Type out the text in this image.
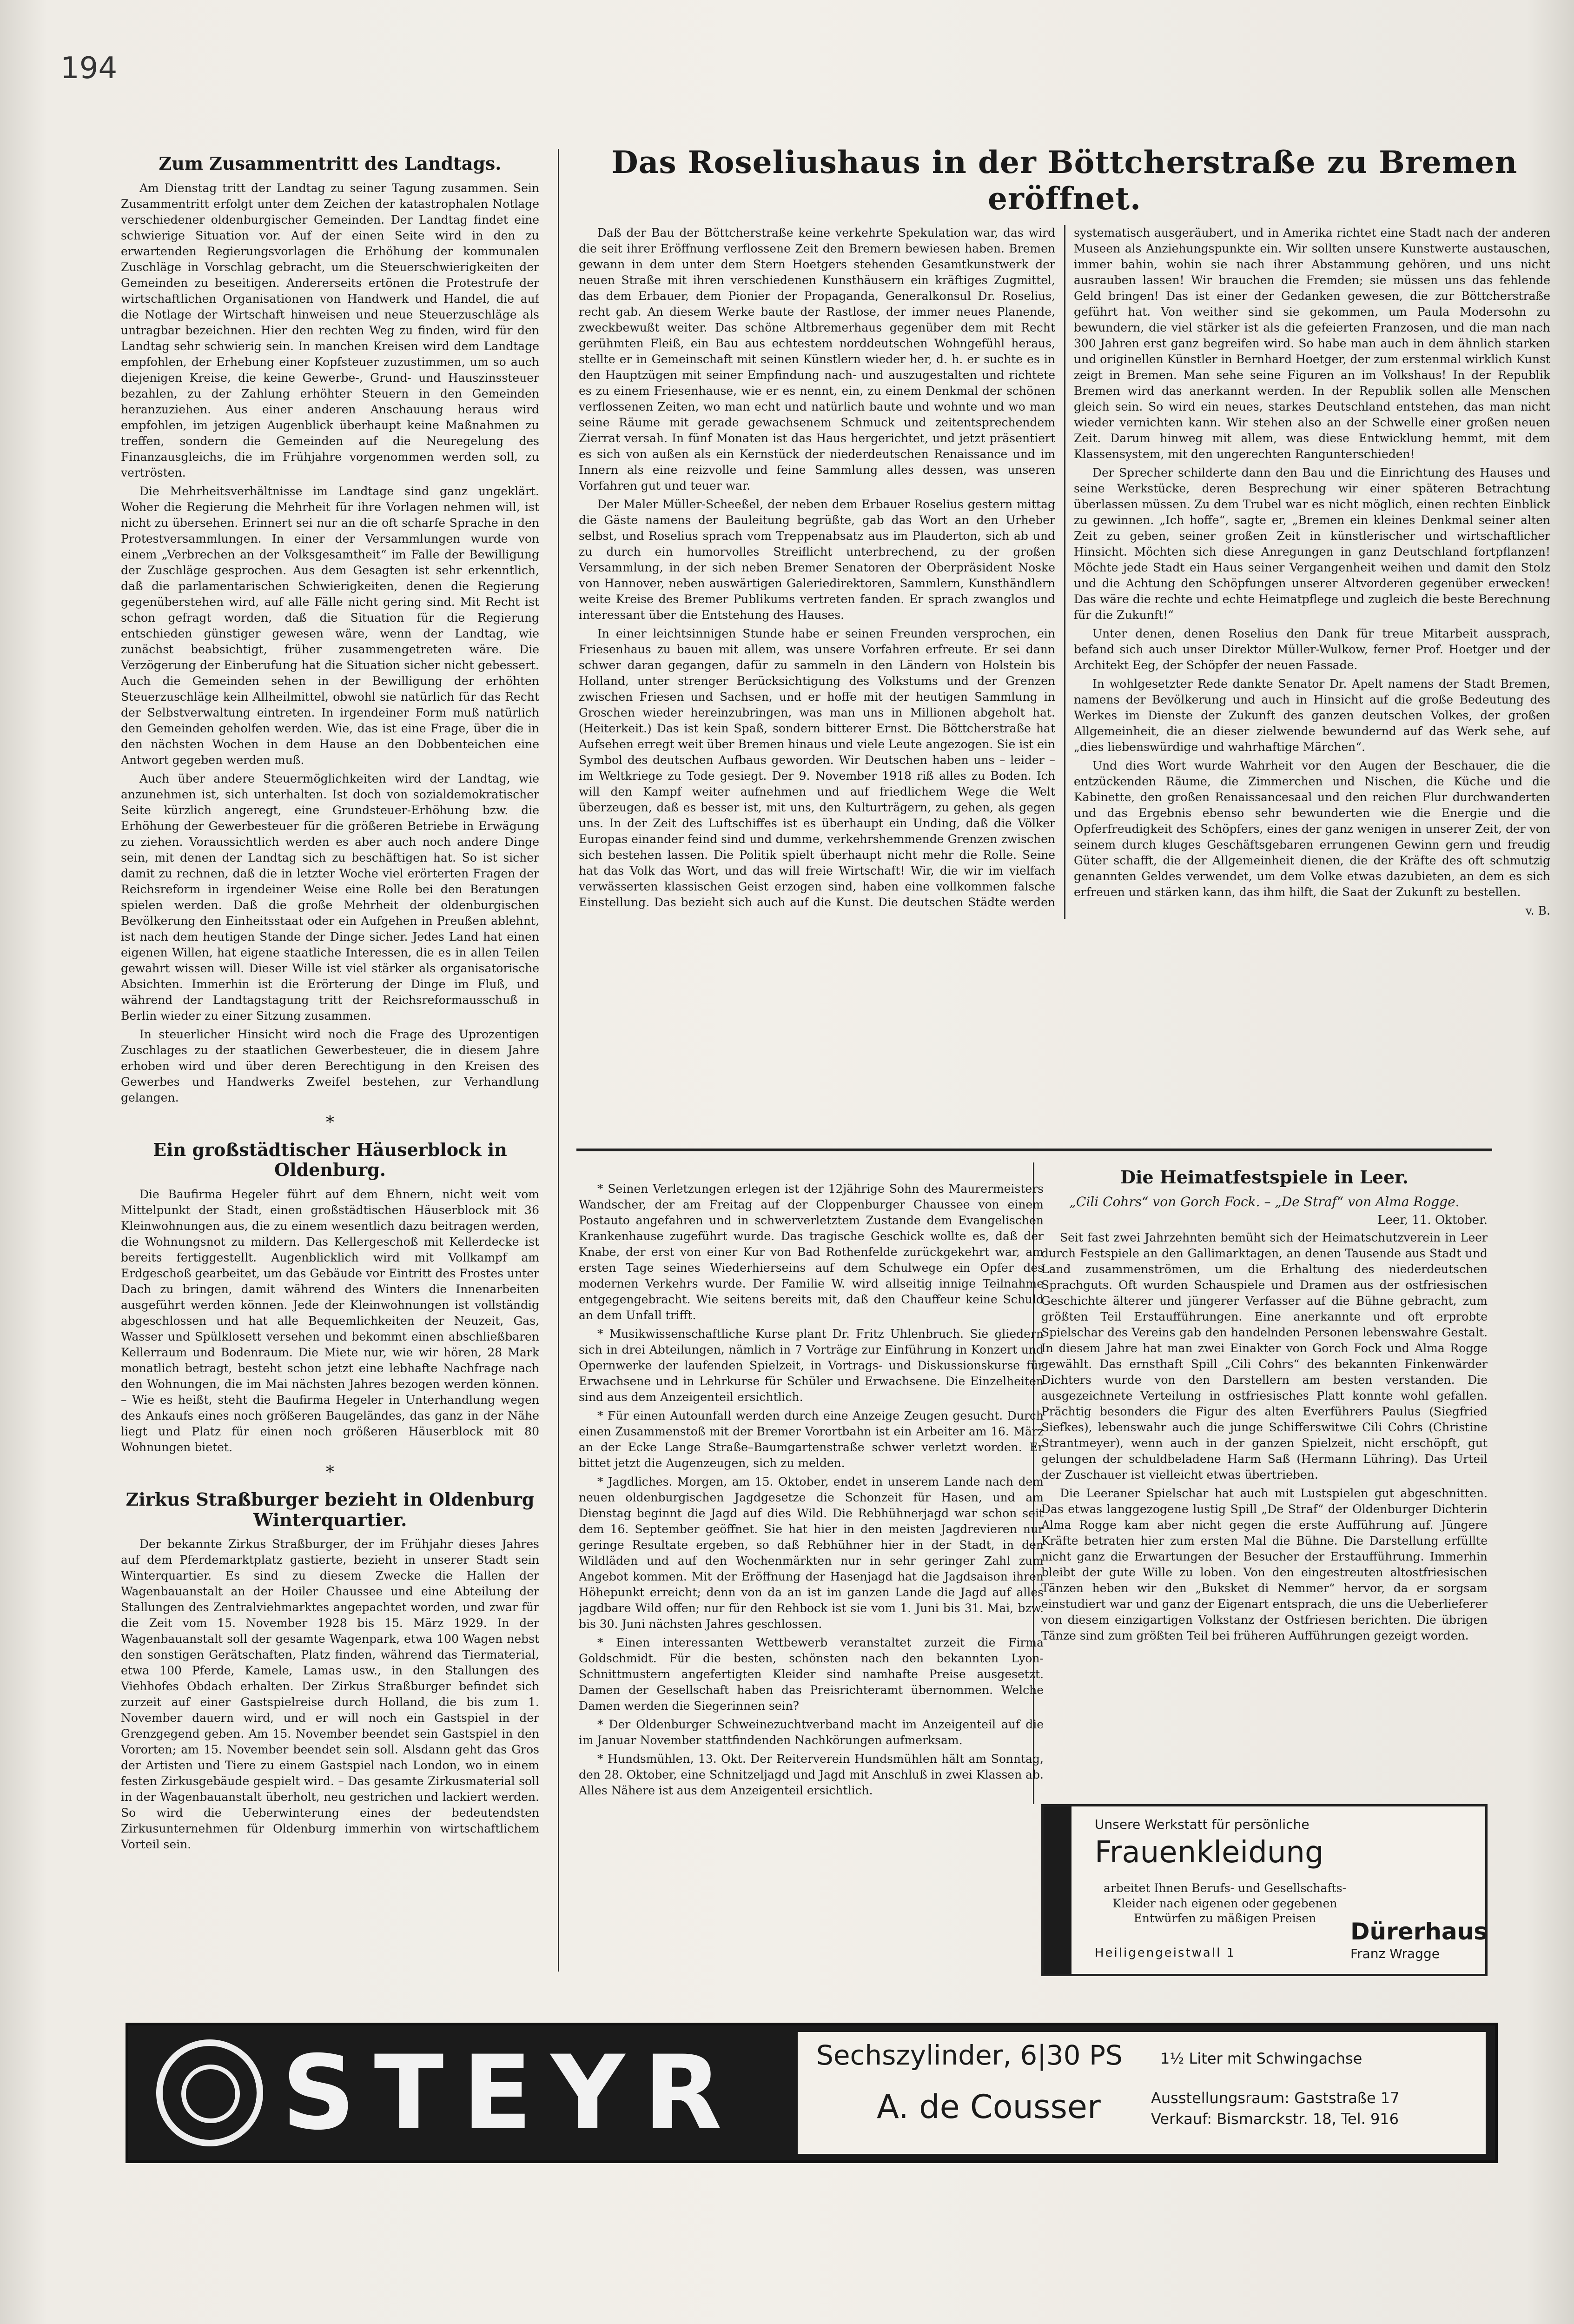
194
Zum Zusammentritt des Landtags.

Am Dienstag tritt der Landtag zu seiner Tagung zusammen. Sein Zusammentritt erfolgt unter dem Zeichen der katastrophalen Notlage verschiedener oldenburgischer Gemeinden. Der Landtag findet eine schwierige Situation vor. Auf der einen Seite wird in den zu erwartenden Regierungsvorlagen die Erhöhung der kommunalen Zuschläge in Vorschlag gebracht, um die Steuerschwierigkeiten der Gemeinden zu beseitigen. Andererseits ertönen die Protestrufe der wirtschaftlichen Organisationen von Handwerk und Handel, die auf die Notlage der Wirtschaft hinweisen und neue Steuerzuschläge als untragbar bezeichnen. Hier den rechten Weg zu finden, wird für den Landtag sehr schwierig sein. In manchen Kreisen wird dem Landtage empfohlen, der Erhebung einer Kopfsteuer zuzustimmen, um so auch diejenigen Kreise, die keine Gewerbe-, Grund- und Hauszinssteuer bezahlen, zu der Zahlung erhöhter Steuern in den Gemeinden heranzuziehen. Aus einer anderen Anschauung heraus wird empfohlen, im jetzigen Augenblick überhaupt keine Maßnahmen zu treffen, sondern die Gemeinden auf die Neuregelung des Finanzausgleichs, die im Frühjahre vorgenommen werden soll, zu vertrösten.

Die Mehrheitsverhältnisse im Landtage sind ganz ungeklärt. Woher die Regierung die Mehrheit für ihre Vorlagen nehmen will, ist nicht zu übersehen. Erinnert sei nur an die oft scharfe Sprache in den Protestversammlungen. In einer der Versammlungen wurde von einem „Verbrechen an der Volksgesamtheit“ im Falle der Bewilligung der Zuschläge gesprochen. Aus dem Gesagten ist sehr erkenntlich, daß die parlamentarischen Schwierigkeiten, denen die Regierung gegenüberstehen wird, auf alle Fälle nicht gering sind. Mit Recht ist schon gefragt worden, daß die Situation für die Regierung entschieden günstiger gewesen wäre, wenn der Landtag, wie zunächst beabsichtigt, früher zusammengetreten wäre. Die Verzögerung der Einberufung hat die Situation sicher nicht gebessert. Auch die Gemeinden sehen in der Bewilligung der erhöhten Steuerzuschläge kein Allheilmittel, obwohl sie natürlich für das Recht der Selbstverwaltung eintreten. In irgendeiner Form muß natürlich den Gemeinden geholfen werden. Wie, das ist eine Frage, über die in den nächsten Wochen in dem Hause an den Dobbenteichen eine Antwort gegeben werden muß.

Auch über andere Steuermöglichkeiten wird der Landtag, wie anzunehmen ist, sich unterhalten. Ist doch von sozialdemokratischer Seite kürzlich angeregt, eine Grundsteuer-Erhöhung bzw. die Erhöhung der Gewerbesteuer für die größeren Betriebe in Erwägung zu ziehen. Voraussichtlich werden es aber auch noch andere Dinge sein, mit denen der Landtag sich zu beschäftigen hat. So ist sicher damit zu rechnen, daß die in letzter Woche viel erörterten Fragen der Reichsreform in irgendeiner Weise eine Rolle bei den Beratungen spielen werden. Daß die große Mehrheit der oldenburgischen Bevölkerung den Einheitsstaat oder ein Aufgehen in Preußen ablehnt, ist nach dem heutigen Stande der Dinge sicher. Jedes Land hat einen eigenen Willen, hat eigene staatliche Interessen, die es in allen Teilen gewahrt wissen will. Dieser Wille ist viel stärker als organisatorische Absichten. Immerhin ist die Erörterung der Dinge im Fluß, und während der Landtagstagung tritt der Reichsreformausschuß in Berlin wieder zu einer Sitzung zusammen.

In steuerlicher Hinsicht wird noch die Frage des Uprozentigen Zuschlages zu der staatlichen Gewerbesteuer, die in diesem Jahre erhoben wird und über deren Berechtigung in den Kreisen des Gewerbes und Handwerks Zweifel bestehen, zur Verhandlung gelangen.

*
Ein großstädtischer Häuserblock in Oldenburg.

Die Baufirma Hegeler führt auf dem Ehnern, nicht weit vom Mittelpunkt der Stadt, einen großstädtischen Häuserblock mit 36 Kleinwohnungen aus, die zu einem wesentlich dazu beitragen werden, die Wohnungsnot zu mildern. Das Kellergeschoß mit Kellerdecke ist bereits fertiggestellt. Augenblicklich wird mit Vollkampf am Erdgeschoß gearbeitet, um das Gebäude vor Eintritt des Frostes unter Dach zu bringen, damit während des Winters die Innenarbeiten ausgeführt werden können. Jede der Kleinwohnungen ist vollständig abgeschlossen und hat alle Bequemlichkeiten der Neuzeit, Gas, Wasser und Spülklosett versehen und bekommt einen abschließbaren Kellerraum und Bodenraum. Die Miete nur, wie wir hören, 28 Mark monatlich betragt, besteht schon jetzt eine lebhafte Nachfrage nach den Wohnungen, die im Mai nächsten Jahres bezogen werden können. – Wie es heißt, steht die Baufirma Hegeler in Unterhandlung wegen des Ankaufs eines noch größeren Baugeländes, das ganz in der Nähe liegt und Platz für einen noch größeren Häuserblock mit 80 Wohnungen bietet.

*
Zirkus Straßburger bezieht in Oldenburg Winterquartier.

Der bekannte Zirkus Straßburger, der im Frühjahr dieses Jahres auf dem Pferdemarktplatz gastierte, bezieht in unserer Stadt sein Winterquartier. Es sind zu diesem Zwecke die Hallen der Wagenbauanstalt an der Hoiler Chaussee und eine Abteilung der Stallungen des Zentralviehmarktes angepachtet worden, und zwar für die Zeit vom 15. November 1928 bis 15. März 1929. In der Wagenbauanstalt soll der gesamte Wagenpark, etwa 100 Wagen nebst den sonstigen Gerätschaften, Platz finden, während das Tiermaterial, etwa 100 Pferde, Kamele, Lamas usw., in den Stallungen des Viehhofes Obdach erhalten. Der Zirkus Straßburger befindet sich zurzeit auf einer Gastspielreise durch Holland, die bis zum 1. November dauern wird, und er will noch ein Gastspiel in der Grenzgegend geben. Am 15. November beendet sein Gastspiel in den Vororten; am 15. November beendet sein soll. Alsdann geht das Gros der Artisten und Tiere zu einem Gastspiel nach London, wo in einem festen Zirkusgebäude gespielt wird. – Das gesamte Zirkusmaterial soll in der Wagenbauanstalt überholt, neu gestrichen und lackiert werden. So wird die Ueberwinterung eines der bedeutendsten Zirkusunternehmen für Oldenburg immerhin von wirtschaftlichem Vorteil sein.

Das Roseliushaus in der Böttcherstraße zu Bremen eröffnet.

Daß der Bau der Böttcherstraße keine verkehrte Spekulation war, das wird die seit ihrer Eröffnung verflossene Zeit den Bremern bewiesen haben. Bremen gewann in dem unter dem Stern Hoetgers stehenden Gesamtkunstwerk der neuen Straße mit ihren verschiedenen Kunsthäusern ein kräftiges Zugmittel, das dem Erbauer, dem Pionier der Propaganda, Generalkonsul Dr. Roselius, recht gab. An diesem Werke baute der Rastlose, der immer neues Planende, zweckbewußt weiter. Das schöne Altbremerhaus gegenüber dem mit Recht gerühmten Fleiß, ein Bau aus echtestem norddeutschen Wohngefühl heraus, stellte er in Gemeinschaft mit seinen Künstlern wieder her, d. h. er suchte es in den Hauptzügen mit seiner Empfindung nach- und auszugestalten und richtete es zu einem Friesenhause, wie er es nennt, ein, zu einem Denkmal der schönen verflossenen Zeiten, wo man echt und natürlich baute und wohnte und wo man seine Räume mit gerade gewachsenem Schmuck und zeitentsprechendem Zierrat versah. In fünf Monaten ist das Haus hergerichtet, und jetzt präsentiert es sich von außen als ein Kernstück der niederdeutschen Renaissance und im Innern als eine reizvolle und feine Sammlung alles dessen, was unseren Vorfahren gut und teuer war.

Der Maler Müller-Scheeßel, der neben dem Erbauer Roselius gestern mittag die Gäste namens der Bauleitung begrüßte, gab das Wort an den Urheber selbst, und Roselius sprach vom Treppenabsatz aus im Plauderton, sich ab und zu durch ein humorvolles Streiflicht unterbrechend, zu der großen Versammlung, in der sich neben Bremer Senatoren der Oberpräsident Noske von Hannover, neben auswärtigen Galeriedirektoren, Sammlern, Kunsthändlern weite Kreise des Bremer Publikums vertreten fanden. Er sprach zwanglos und interessant über die Entstehung des Hauses.

In einer leichtsinnigen Stunde habe er seinen Freunden versprochen, ein Friesenhaus zu bauen mit allem, was unsere Vorfahren erfreute. Er sei dann schwer daran gegangen, dafür zu sammeln in den Ländern von Holstein bis Holland, unter strenger Berücksichtigung des Volkstums und der Grenzen zwischen Friesen und Sachsen, und er hoffe mit der heutigen Sammlung in Groschen wieder hereinzubringen, was man uns in Millionen abgeholt hat. (Heiterkeit.) Das ist kein Spaß, sondern bitterer Ernst. Die Böttcherstraße hat Aufsehen erregt weit über Bremen hinaus und viele Leute angezogen. Sie ist ein Symbol des deutschen Aufbaus geworden. Wir Deutschen haben uns – leider – im Weltkriege zu Tode gesiegt. Der 9. November 1918 riß alles zu Boden. Ich will den Kampf weiter aufnehmen und auf friedlichem Wege die Welt überzeugen, daß es besser ist, mit uns, den Kulturträgern, zu gehen, als gegen uns. In der Zeit des Luftschiffes ist es überhaupt ein Unding, daß die Völker Europas einander feind sind und dumme, verkehrshemmende Grenzen zwischen sich bestehen lassen. Die Politik spielt überhaupt nicht mehr die Rolle. Seine hat das Volk das Wort, und das will freie Wirtschaft! Wir, die wir im vielfach verwässerten klassischen Geist erzogen sind, haben eine vollkommen falsche Einstellung. Das bezieht sich auch auf die Kunst. Die deutschen Städte werden systematisch ausgeräubert, und in Amerika richtet eine Stadt nach der anderen Museen als Anziehungspunkte ein. Wir sollten unsere Kunstwerte austauschen, immer bahin, wohin sie nach ihrer Abstammung gehören, und uns nicht ausrauben lassen! Wir brauchen die Fremden; sie müssen uns das fehlende Geld bringen! Das ist einer der Gedanken gewesen, die zur Böttcherstraße geführt hat. Von weither sind sie gekommen, um Paula Modersohn zu bewundern, die viel stärker ist als die gefeierten Franzosen, und die man nach 300 Jahren erst ganz begreifen wird. So habe man auch in dem ähnlich starken und originellen Künstler in Bernhard Hoetger, der zum erstenmal wirklich Kunst zeigt in Bremen. Man sehe seine Figuren an im Volkshaus! In der Republik Bremen wird das anerkannt werden. In der Republik sollen alle Menschen gleich sein. So wird ein neues, starkes Deutschland entstehen, das man nicht wieder vernichten kann. Wir stehen also an der Schwelle einer großen neuen Zeit. Darum hinweg mit allem, was diese Entwicklung hemmt, mit dem Klassensystem, mit den ungerechten Rangunterschieden!

Der Sprecher schilderte dann den Bau und die Einrichtung des Hauses und seine Werkstücke, deren Besprechung wir einer späteren Betrachtung überlassen müssen. Zu dem Trubel war es nicht möglich, einen rechten Einblick zu gewinnen. „Ich hoffe“, sagte er, „Bremen ein kleines Denkmal seiner alten Zeit zu geben, seiner großen Zeit in künstlerischer und wirtschaftlicher Hinsicht. Möchten sich diese Anregungen in ganz Deutschland fortpflanzen! Möchte jede Stadt ein Haus seiner Vergangenheit weihen und damit den Stolz und die Achtung den Schöpfungen unserer Altvorderen gegenüber erwecken! Das wäre die rechte und echte Heimatpflege und zugleich die beste Berechnung für die Zukunft!“

Unter denen, denen Roselius den Dank für treue Mitarbeit aussprach, befand sich auch unser Direktor Müller-Wulkow, ferner Prof. Hoetger und der Architekt Eeg, der Schöpfer der neuen Fassade.

In wohlgesetzter Rede dankte Senator Dr. Apelt namens der Stadt Bremen, namens der Bevölkerung und auch in Hinsicht auf die große Bedeutung des Werkes im Dienste der Zukunft des ganzen deutschen Volkes, der großen Allgemeinheit, die an dieser zielwende bewundernd auf das Werk sehe, auf „dies liebenswürdige und wahrhaftige Märchen“.

Und dies Wort wurde Wahrheit vor den Augen der Beschauer, die die entzückenden Räume, die Zimmerchen und Nischen, die Küche und die Kabinette, den großen Renaissancesaal und den reichen Flur durchwanderten und das Ergebnis ebenso sehr bewunderten wie die Energie und die Opferfreudigkeit des Schöpfers, eines der ganz wenigen in unserer Zeit, der von seinem durch kluges Geschäftsgebaren errungenen Gewinn gern und freudig Güter schafft, die der Allgemeinheit dienen, die der Kräfte des oft schmutzig genannten Geldes verwendet, um dem Volke etwas dazubieten, an dem es sich erfreuen und stärken kann, das ihm hilft, die Saat der Zukunft zu bestellen.

v. B.

* Seinen Verletzungen erlegen ist der 12jährige Sohn des Maurermeisters Wandscher, der am Freitag auf der Cloppenburger Chaussee von einem Postauto angefahren und in schwerverletztem Zustande dem Evangelischen Krankenhause zugeführt wurde. Das tragische Geschick wollte es, daß der Knabe, der erst von einer Kur von Bad Rothenfelde zurückgekehrt war, am ersten Tage seines Wiederhierseins auf dem Schulwege ein Opfer des modernen Verkehrs wurde. Der Familie W. wird allseitig innige Teilnahme entgegengebracht. Wie seitens bereits mit, daß den Chauffeur keine Schuld an dem Unfall trifft.

* Musikwissenschaftliche Kurse plant Dr. Fritz Uhlenbruch. Sie gliedern sich in drei Abteilungen, nämlich in 7 Vorträge zur Einführung in Konzert und Opernwerke der laufenden Spielzeit, in Vortrags- und Diskussionskurse für Erwachsene und in Lehrkurse für Schüler und Erwachsene. Die Einzelheiten sind aus dem Anzeigenteil ersichtlich.

* Für einen Autounfall werden durch eine Anzeige Zeugen gesucht. Durch einen Zusammenstoß mit der Bremer Vorortbahn ist ein Arbeiter am 16. März an der Ecke Lange Straße–Baumgartenstraße schwer verletzt worden. Er bittet jetzt die Augenzeugen, sich zu melden.

* Jagdliches. Morgen, am 15. Oktober, endet in unserem Lande nach dem neuen oldenburgischen Jagdgesetze die Schonzeit für Hasen, und am Dienstag beginnt die Jagd auf dies Wild. Die Rebhühnerjagd war schon seit dem 16. September geöffnet. Sie hat hier in den meisten Jagdrevieren nur geringe Resultate ergeben, so daß Rebhühner hier in der Stadt, in den Wildläden und auf den Wochenmärkten nur in sehr geringer Zahl zum Angebot kommen. Mit der Eröffnung der Hasenjagd hat die Jagdsaison ihren Höhepunkt erreicht; denn von da an ist im ganzen Lande die Jagd auf alles jagdbare Wild offen; nur für den Rehbock ist sie vom 1. Juni bis 31. Mai, bzw. bis 30. Juni nächsten Jahres geschlossen.

* Einen interessanten Wettbewerb veranstaltet zurzeit die Firma Goldschmidt. Für die besten, schönsten nach den bekannten Lyon-Schnittmustern angefertigten Kleider sind namhafte Preise ausgesetzt. Damen der Gesellschaft haben das Preisrichteramt übernommen. Welche Damen werden die Siegerinnen sein?

* Der Oldenburger Schweinezuchtverband macht im Anzeigenteil auf die im Januar November stattfindenden Nachkörungen aufmerksam.

* Hundsmühlen, 13. Okt. Der Reiterverein Hundsmühlen hält am Sonntag, den 28. Oktober, eine Schnitzeljagd und Jagd mit Anschluß in zwei Klassen ab. Alles Nähere ist aus dem Anzeigenteil ersichtlich.

Die Heimatfestspiele in Leer.
„Cili Cohrs“ von Gorch Fock. – „De Straf“ von Alma Rogge.
Leer, 11. Oktober.

Seit fast zwei Jahrzehnten bemüht sich der Heimatschutzverein in Leer durch Festspiele an den Gallimarktagen, an denen Tausende aus Stadt und Land zusammenströmen, um die Erhaltung des niederdeutschen Sprachguts. Oft wurden Schauspiele und Dramen aus der ostfriesischen Geschichte älterer und jüngerer Verfasser auf die Bühne gebracht, zum größten Teil Erstaufführungen. Eine anerkannte und oft erprobte Spielschar des Vereins gab den handelnden Personen lebenswahre Gestalt. In diesem Jahre hat man zwei Einakter von Gorch Fock und Alma Rogge gewählt. Das ernsthaft Spill „Cili Cohrs“ des bekannten Finkenwärder Dichters wurde von den Darstellern am besten verstanden. Die ausgezeichnete Verteilung in ostfriesisches Platt konnte wohl gefallen. Prächtig besonders die Figur des alten Everführers Paulus (Siegfried Siefkes), lebenswahr auch die junge Schifferswitwe Cili Cohrs (Christine Strantmeyer), wenn auch in der ganzen Spielzeit, nicht erschöpft, gut gelungen der schuldbeladene Harm Saß (Hermann Lühring). Das Urteil der Zuschauer ist vielleicht etwas übertrieben.

Die Leeraner Spielschar hat auch mit Lustspielen gut abgeschnitten. Das etwas langgezogene lustig Spill „De Straf“ der Oldenburger Dichterin Alma Rogge kam aber nicht gegen die erste Aufführung auf. Jüngere Kräfte betraten hier zum ersten Mal die Bühne. Die Darstellung erfüllte nicht ganz die Erwartungen der Besucher der Erstaufführung. Immerhin bleibt der gute Wille zu loben. Von den eingestreuten altostfriesischen Tänzen heben wir den „Buksket di Nemmer“ hervor, da er sorgsam einstudiert war und ganz der Eigenart entsprach, die uns die Ueberlieferer von diesem einzigartigen Volkstanz der Ostfriesen berichten. Die übrigen Tänze sind zum größten Teil bei früheren Aufführungen gezeigt worden.

Unsere Werkstatt für persönliche
Frauenkleidung
arbeitet Ihnen Berufs- und Gesellschafts-Kleider nach eigenen oder gegebenen Entwürfen zu mäßigen Preisen
Heiligengeistwall 1
Dürerhaus
Franz Wragge
STEYR	Sechszylinder, 6|30 PS	1½ Liter mit Schwingachse
A. de Cousser	Ausstellungsraum: Gaststraße 17
Verkauf: Bismarckstr. 18, Tel. 916
